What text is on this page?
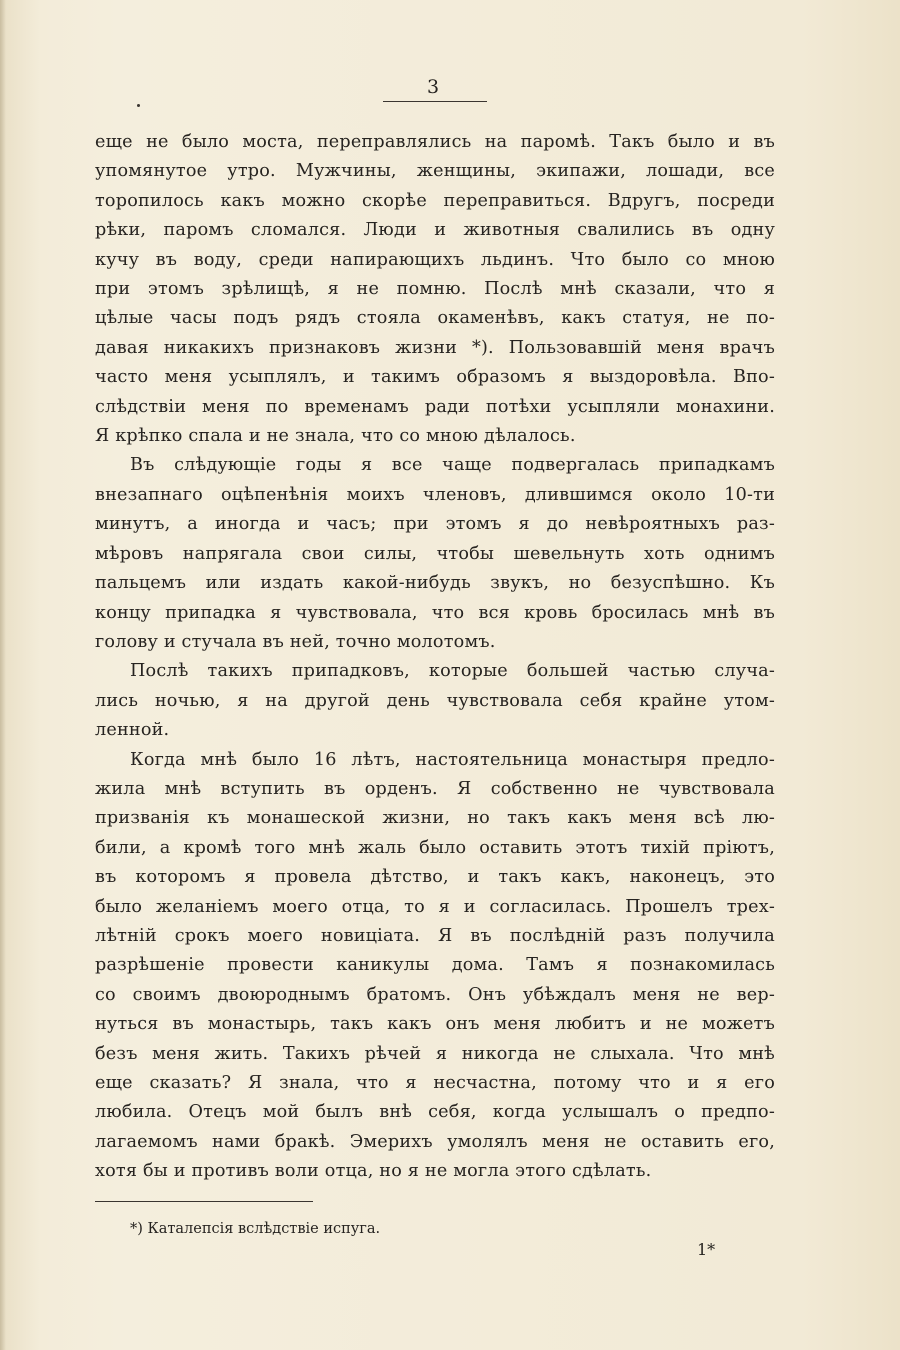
3

еще не было моста, переправлялись на паромѣ. Такъ было и въ

упомянутое утро. Мужчины, женщины, экипажи, лошади, все

торопилось какъ можно скорѣе переправиться. Вдругъ, посреди

рѣки, паромъ сломался. Люди и животныя свалились въ одну

кучу въ воду, среди напирающихъ льдинъ. Что было со мною

при этомъ зрѣлищѣ, я не помню. Послѣ мнѣ сказали, что я

цѣлые часы подъ рядъ стояла окаменѣвъ, какъ статуя, не по-

давая никакихъ признаковъ жизни *). Пользовавшій меня врачъ

часто меня усыплялъ, и такимъ образомъ я выздоровѣла. Впо-

слѣдствіи меня по временамъ ради потѣхи усыпляли монахини.

Я крѣпко спала и не знала, что со мною дѣлалось.

Въ слѣдующіе годы я все чаще подвергалась припадкамъ

внезапнаго оцѣпенѣнія моихъ членовъ, длившимся около 10-ти

минутъ, а иногда и часъ; при этомъ я до невѣроятныхъ раз-

мѣровъ напрягала свои силы, чтобы шевельнуть хоть однимъ

пальцемъ или издать какой-нибудь звукъ, но безуспѣшно. Къ

концу припадка я чувствовала, что вся кровь бросилась мнѣ въ

голову и стучала въ ней, точно молотомъ.

Послѣ такихъ припадковъ, которые большей частью случа-

лись ночью, я на другой день чувствовала себя крайне утом-

ленной.

Когда мнѣ было 16 лѣтъ, настоятельница монастыря предло-

жила мнѣ вступить въ орденъ. Я собственно не чувствовала

призванія къ монашеской жизни, но такъ какъ меня всѣ лю-

били, а кромѣ того мнѣ жаль было оставить этотъ тихій пріютъ,

въ которомъ я провела дѣтство, и такъ какъ, наконецъ, это

было желаніемъ моего отца, то я и согласилась. Прошелъ трех-

лѣтній срокъ моего новиціата. Я въ послѣдній разъ получила

разрѣшеніе провести каникулы дома. Тамъ я познакомилась

со своимъ двоюроднымъ братомъ. Онъ убѣждалъ меня не вер-

нуться въ монастырь, такъ какъ онъ меня любитъ и не можетъ

безъ меня жить. Такихъ рѣчей я никогда не слыхала. Что мнѣ

еще сказать? Я знала, что я несчастна, потому что и я его

любила. Отецъ мой былъ внѣ себя, когда услышалъ о предпо-

лагаемомъ нами бракѣ. Эмерихъ умолялъ меня не оставить его,

хотя бы и противъ воли отца, но я не могла этого сдѣлать.

*) Каталепсія вслѣдствіе испуга.
1*
